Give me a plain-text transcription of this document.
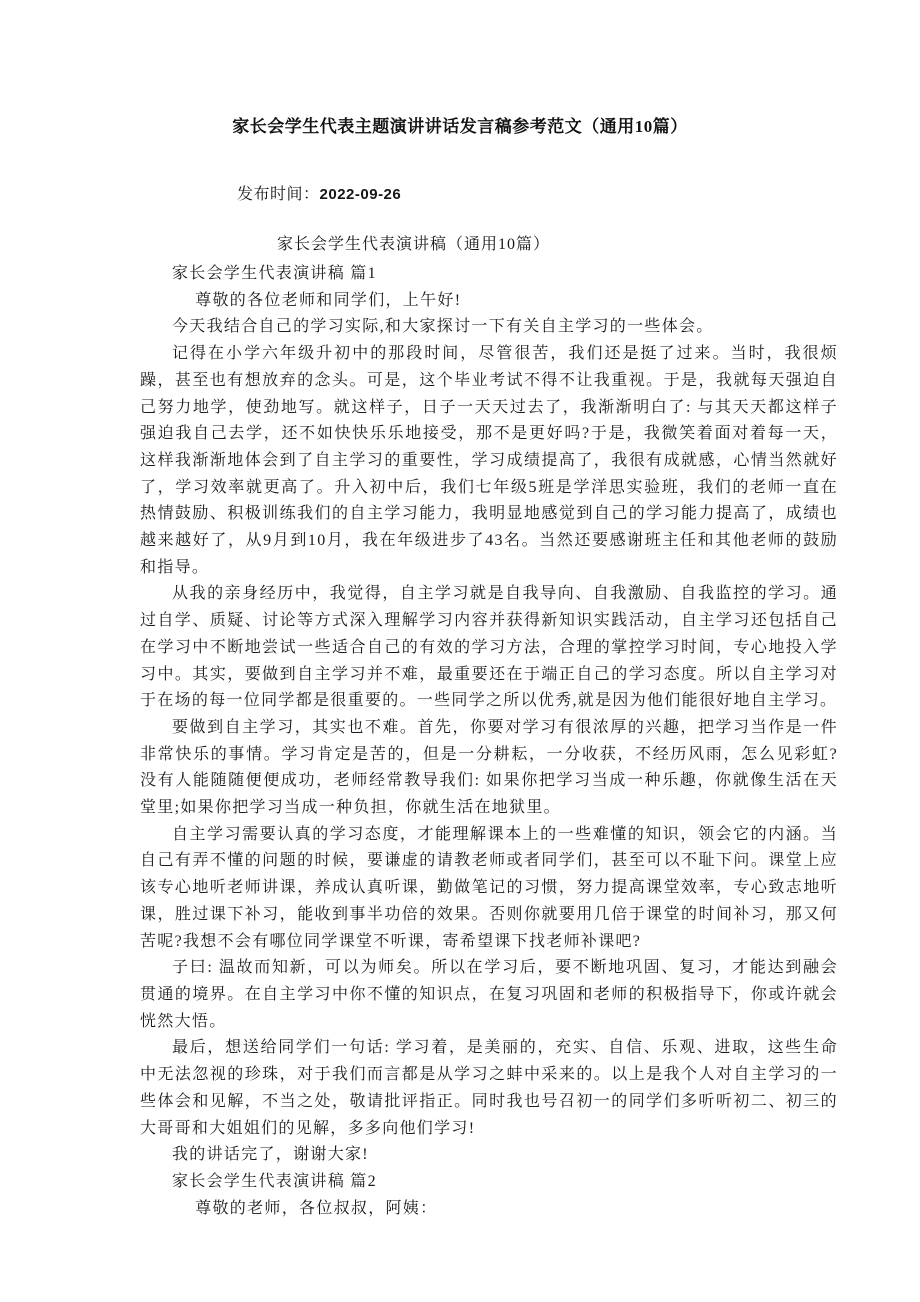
家长会学生代表主题演讲讲话发言稿参考范文（通用10篇）
发布时间：2022-09-26
家长会学生代表演讲稿（通用10篇）

家长会学生代表演讲稿 篇1

尊敬的各位老师和同学们，上午好!

今天我结合自己的学习实际,和大家探讨一下有关自主学习的一些体会。

记得在小学六年级升初中的那段时间，尽管很苦，我们还是挺了过来。当时，我很烦躁，甚至也有想放弃的念头。可是，这个毕业考试不得不让我重视。于是，我就每天强迫自己努力地学，使劲地写。就这样子，日子一天天过去了，我渐渐明白了: 与其天天都这样子强迫我自己去学，还不如快快乐乐地接受，那不是更好吗?于是，我微笑着面对着每一天，这样我渐渐地体会到了自主学习的重要性，学习成绩提高了，我很有成就感，心情当然就好了，学习效率就更高了。升入初中后，我们七年级5班是学洋思实验班，我们的老师一直在热情鼓励、积极训练我们的自主学习能力，我明显地感觉到自己的学习能力提高了，成绩也越来越好了，从9月到10月，我在年级进步了43名。当然还要感谢班主任和其他老师的鼓励和指导。

从我的亲身经历中，我觉得，自主学习就是自我导向、自我激励、自我监控的学习。通过自学、质疑、讨论等方式深入理解学习内容并获得新知识实践活动，自主学习还包括自己在学习中不断地尝试一些适合自己的有效的学习方法，合理的掌控学习时间，专心地投入学习中。其实，要做到自主学习并不难，最重要还在于端正自己的学习态度。所以自主学习对于在场的每一位同学都是很重要的。一些同学之所以优秀,就是因为他们能很好地自主学习。

要做到自主学习，其实也不难。首先，你要对学习有很浓厚的兴趣，把学习当作是一件非常快乐的事情。学习肯定是苦的，但是一分耕耘，一分收获，不经历风雨，怎么见彩虹?没有人能随随便便成功，老师经常教导我们: 如果你把学习当成一种乐趣，你就像生活在天堂里;如果你把学习当成一种负担，你就生活在地狱里。

自主学习需要认真的学习态度，才能理解课本上的一些难懂的知识，领会它的内涵。当自己有弄不懂的问题的时候，要谦虚的请教老师或者同学们，甚至可以不耻下问。课堂上应该专心地听老师讲课，养成认真听课，勤做笔记的习惯，努力提高课堂效率，专心致志地听课，胜过课下补习，能收到事半功倍的效果。否则你就要用几倍于课堂的时间补习，那又何苦呢?我想不会有哪位同学课堂不听课，寄希望课下找老师补课吧?

子曰: 温故而知新，可以为师矣。所以在学习后，要不断地巩固、复习，才能达到融会贯通的境界。在自主学习中你不懂的知识点，在复习巩固和老师的积极指导下，你或许就会恍然大悟。

最后，想送给同学们一句话: 学习着，是美丽的，充实、自信、乐观、进取，这些生命中无法忽视的珍珠，对于我们而言都是从学习之蚌中采来的。以上是我个人对自主学习的一些体会和见解，不当之处，敬请批评指正。同时我也号召初一的同学们多听听初二、初三的大哥哥和大姐姐们的见解，多多向他们学习!

我的讲话完了，谢谢大家!

家长会学生代表演讲稿 篇2

尊敬的老师，各位叔叔，阿姨：
